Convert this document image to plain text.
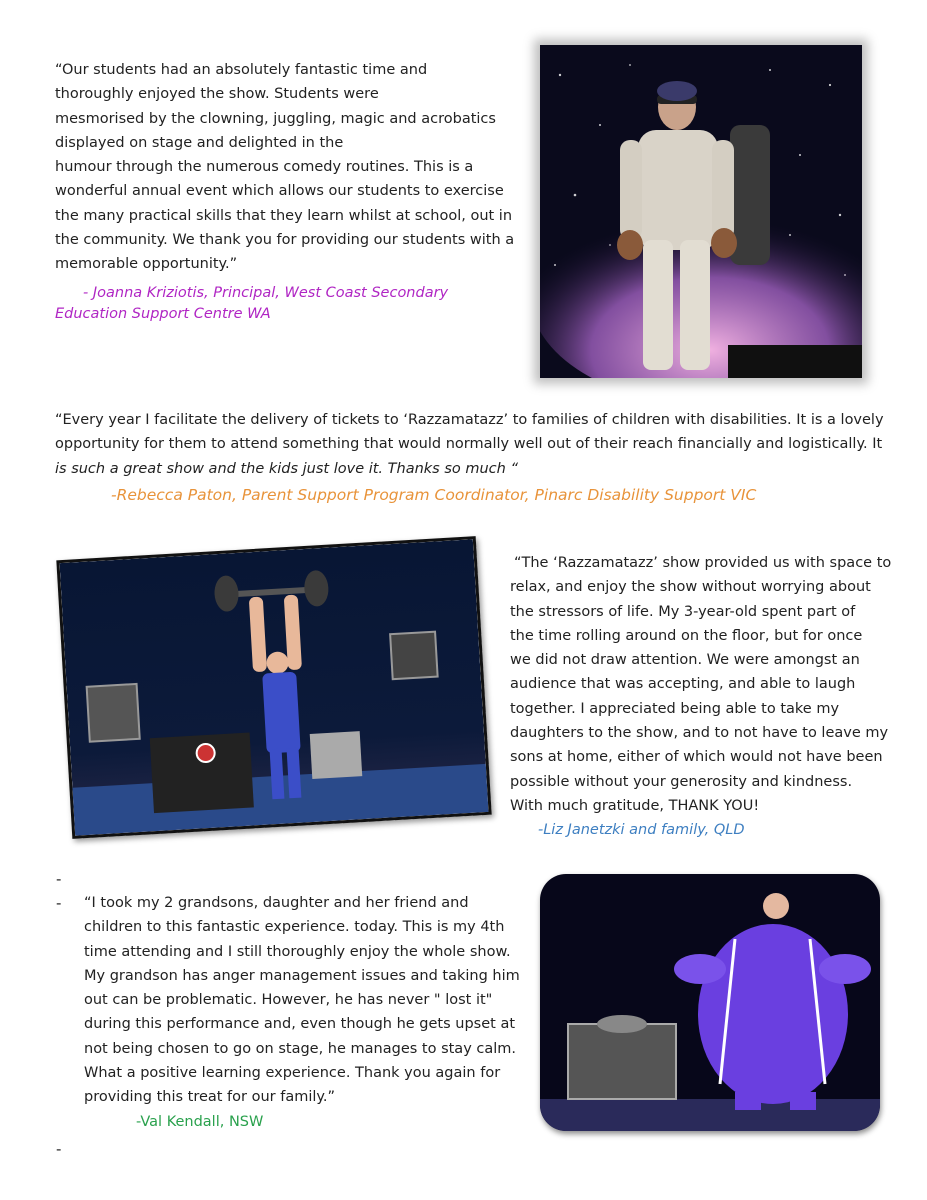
“Our students had an absolutely fantastic time and
thoroughly enjoyed the show. Students were
mesmorised by the clowning, juggling, magic and acrobatics
displayed on stage and delighted in the
humour through the numerous comedy routines. This is a
wonderful annual event which allows our students to exercise
the many practical skills that they learn whilst at school, out in
the community. We thank you for providing our students with a
memorable opportunity.”
- Joanna Kriziotis, Principal, West Coast Secondary
Education Support Centre WA
“Every year I facilitate the delivery of tickets to ‘Razzamatazz’ to families of children with disabilities. It is a lovely
opportunity for them to attend something that would normally well out of their reach financially and logistically. It
is such a great show and the kids just love it. Thanks so much “
-Rebecca Paton, Parent Support Program Coordinator, Pinarc Disability Support VIC
“The ‘Razzamatazz’ show provided us with space to
relax, and enjoy the show without worrying about
the stressors of life. My 3-year-old spent part of
the time rolling around on the floor, but for once
we did not draw attention. We were amongst an
audience that was accepting, and able to laugh
together. I appreciated being able to take my
daughters to the show, and to not have to leave my
sons at home, either of which would not have been
possible without your generosity and kindness.
With much gratitude, THANK YOU!
-Liz Janetzki and family, QLD
-
-
-
“I took my 2 grandsons, daughter and her friend and
children to this fantastic experience. today. This is my 4th
time attending and I still thoroughly enjoy the whole show.
My grandson has anger management issues and taking him
out can be problematic. However, he has never " lost it"
during this performance and, even though he gets upset at
not being chosen to go on stage, he manages to stay calm.
What a positive learning experience. Thank you again for
providing this treat for our family.”
-Val Kendall, NSW
